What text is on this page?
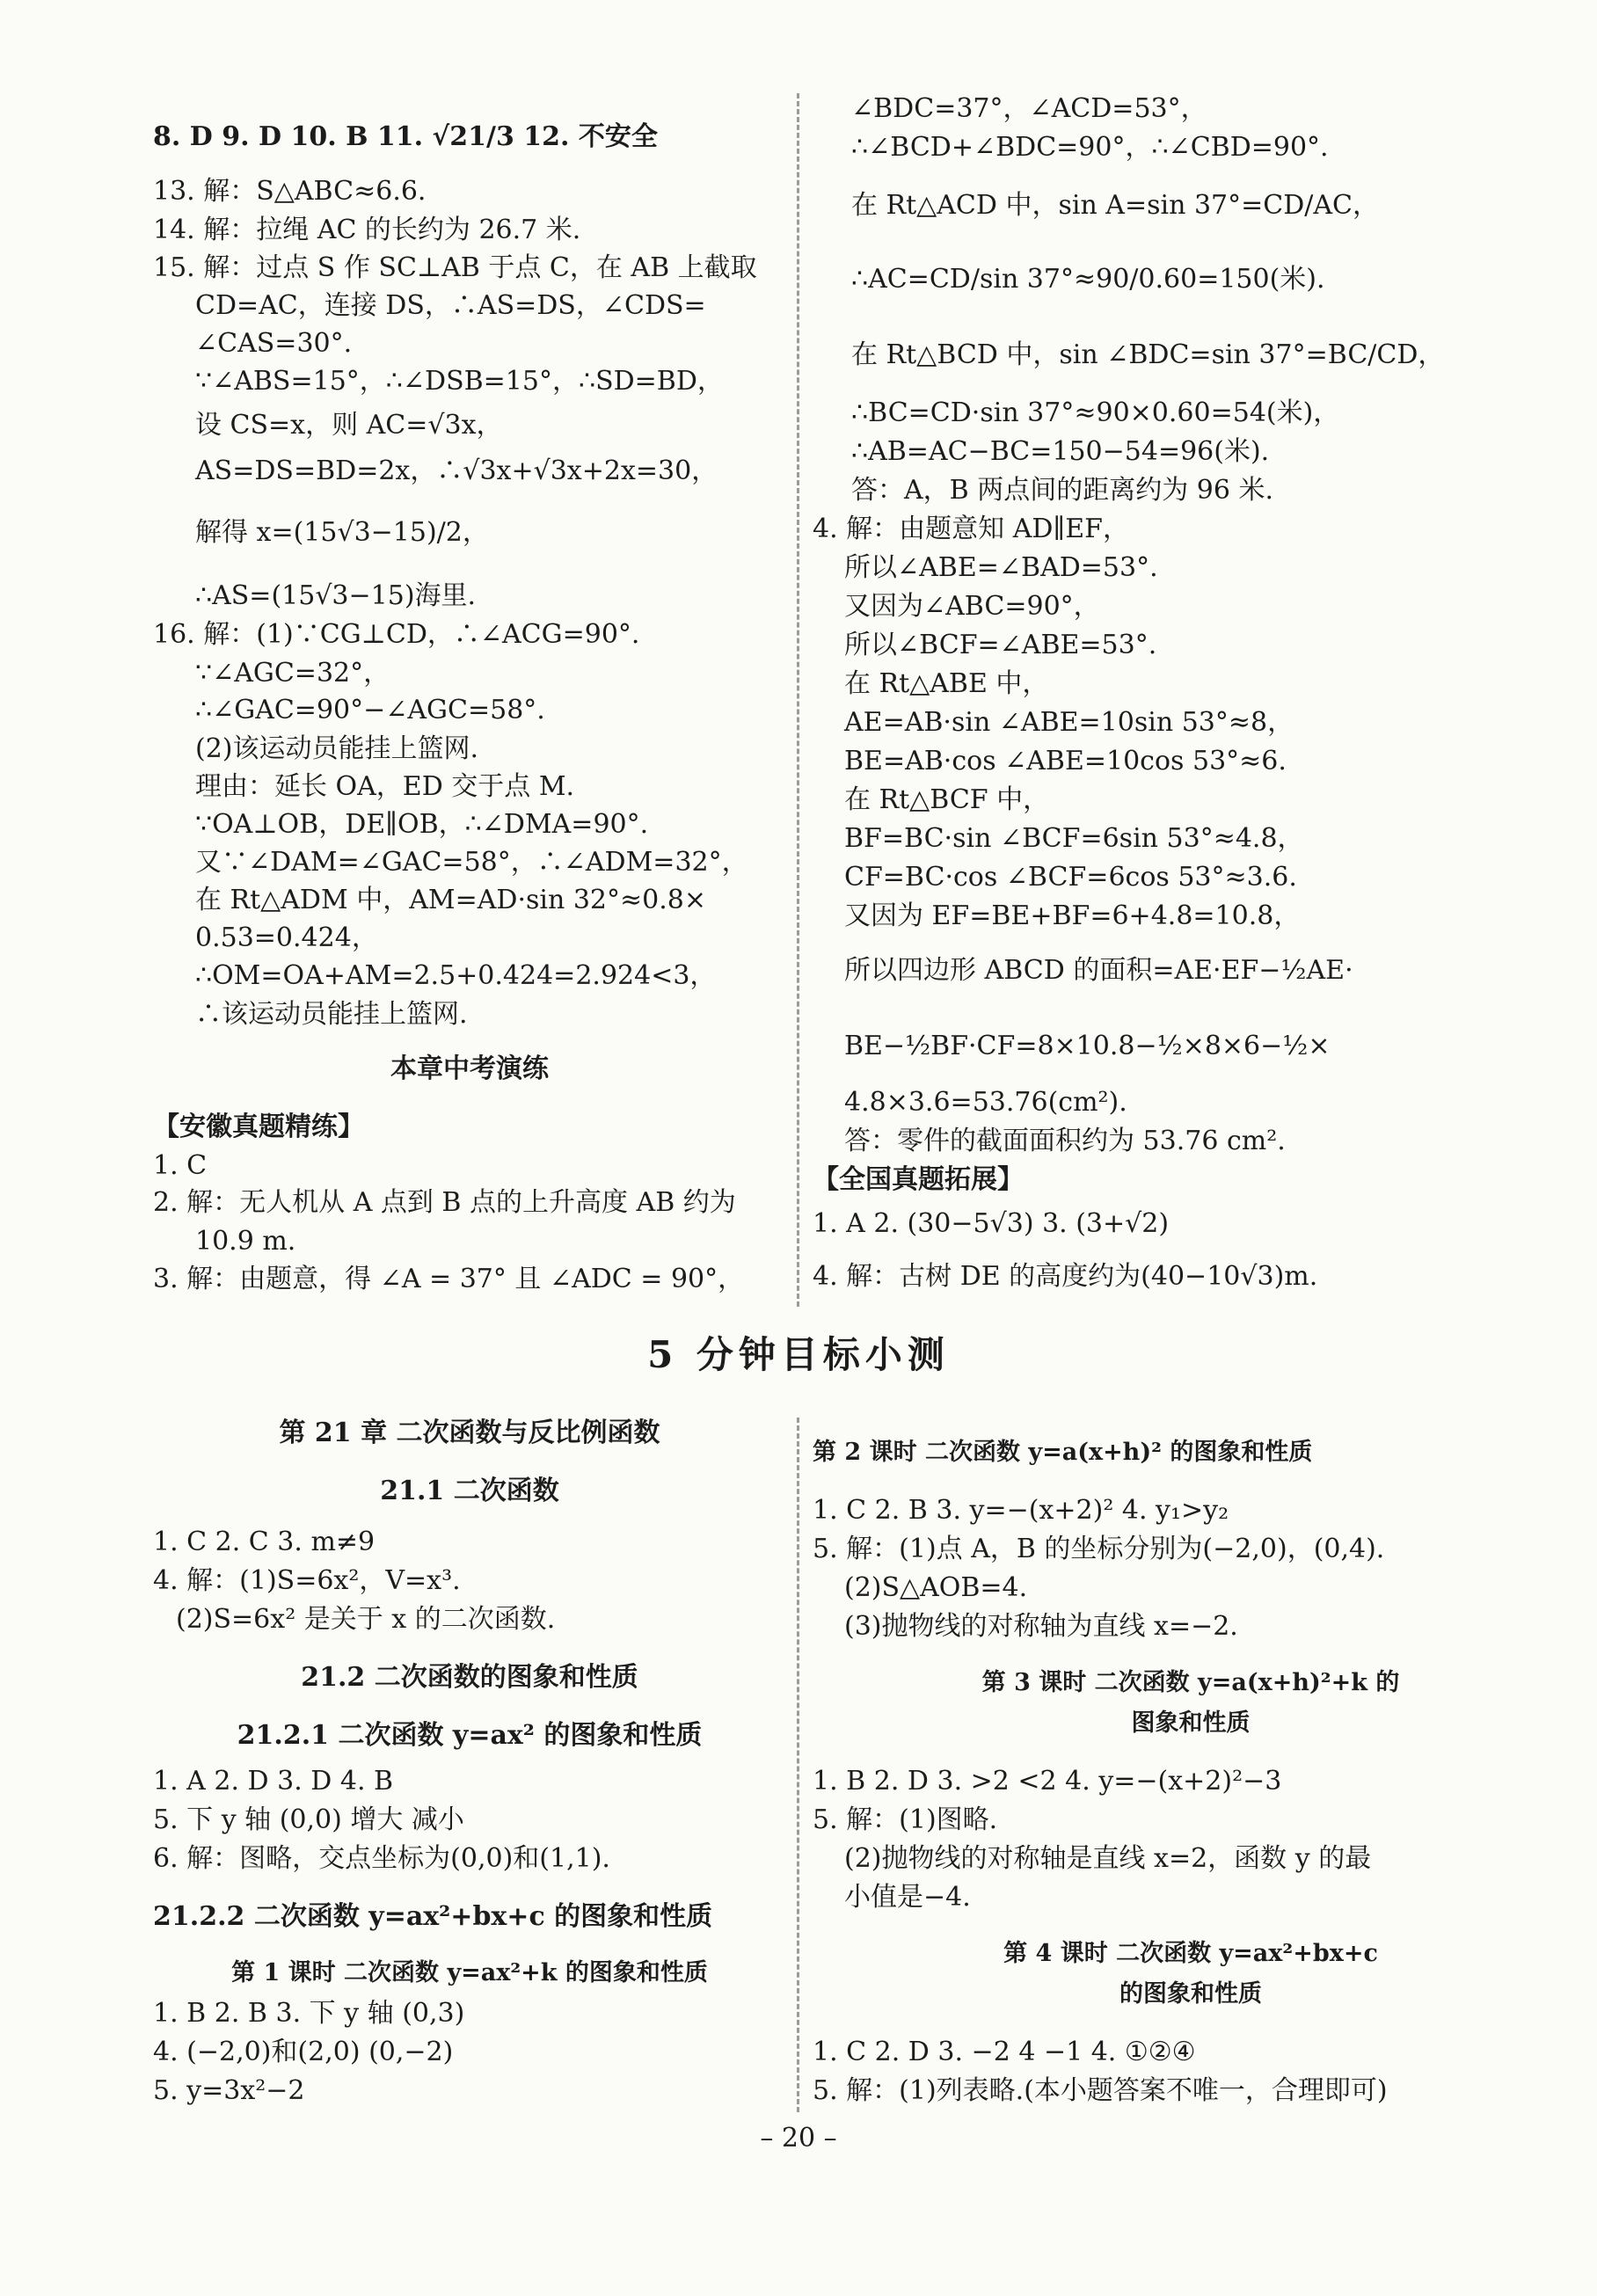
8. D 9. D 10. B 11. √21/3 12. 不安全
13. 解：S△ABC≈6.6.
14. 解：拉绳 AC 的长约为 26.7 米.
15. 解：过点 S 作 SC⊥AB 于点 C，在 AB 上截取
CD=AC，连接 DS，∴AS=DS，∠CDS=
∠CAS=30°.
∵∠ABS=15°，∴∠DSB=15°，∴SD=BD，
设 CS=x，则 AC=√3x，
AS=DS=BD=2x，∴√3x+√3x+2x=30，
解得 x=(15√3−15)/2，
∴AS=(15√3−15)海里.
16. 解：(1)∵CG⊥CD，∴∠ACG=90°.
∵∠AGC=32°，
∴∠GAC=90°−∠AGC=58°.
(2)该运动员能挂上篮网.
理由：延长 OA，ED 交于点 M.
∵OA⊥OB，DE∥OB，∴∠DMA=90°.
又∵∠DAM=∠GAC=58°，∴∠ADM=32°，
在 Rt△ADM 中，AM=AD·sin 32°≈0.8×
0.53=0.424，
∴OM=OA+AM=2.5+0.424=2.924<3，
∴该运动员能挂上篮网.
本章中考演练
【安徽真题精练】
1. C
2. 解：无人机从 A 点到 B 点的上升高度 AB 约为
10.9 m.
3. 解：由题意，得 ∠A = 37° 且 ∠ADC = 90°，
∠BDC=37°，∠ACD=53°，
∴∠BCD+∠BDC=90°，∴∠CBD=90°.
在 Rt△ACD 中，sin A=sin 37°=CD/AC，
∴AC=CD/sin 37°≈90/0.60=150(米).
在 Rt△BCD 中，sin ∠BDC=sin 37°=BC/CD，
∴BC=CD·sin 37°≈90×0.60=54(米)，
∴AB=AC−BC=150−54=96(米).
答：A，B 两点间的距离约为 96 米.
4. 解：由题意知 AD∥EF，
所以∠ABE=∠BAD=53°.
又因为∠ABC=90°，
所以∠BCF=∠ABE=53°.
在 Rt△ABE 中，
AE=AB·sin ∠ABE=10sin 53°≈8，
BE=AB·cos ∠ABE=10cos 53°≈6.
在 Rt△BCF 中，
BF=BC·sin ∠BCF=6sin 53°≈4.8，
CF=BC·cos ∠BCF=6cos 53°≈3.6.
又因为 EF=BE+BF=6+4.8=10.8，
所以四边形 ABCD 的面积=AE·EF−½AE·
BE−½BF·CF=8×10.8−½×8×6−½×
4.8×3.6=53.76(cm²).
答：零件的截面面积约为 53.76 cm².
【全国真题拓展】
1. A 2. (30−5√3) 3. (3+√2)
4. 解：古树 DE 的高度约为(40−10√3)m.
5 分钟目标小测
第 21 章 二次函数与反比例函数
21.1 二次函数
1. C 2. C 3. m≠9
4. 解：(1)S=6x²，V=x³.
(2)S=6x² 是关于 x 的二次函数.
21.2 二次函数的图象和性质
21.2.1 二次函数 y=ax² 的图象和性质
1. A 2. D 3. D 4. B
5. 下 y 轴 (0,0) 增大 减小
6. 解：图略，交点坐标为(0,0)和(1,1).
21.2.2 二次函数 y=ax²+bx+c 的图象和性质
第 1 课时 二次函数 y=ax²+k 的图象和性质
1. B 2. B 3. 下 y 轴 (0,3)
4. (−2,0)和(2,0) (0,−2)
5. y=3x²−2
第 2 课时 二次函数 y=a(x+h)² 的图象和性质
1. C 2. B 3. y=−(x+2)² 4. y₁>y₂
5. 解：(1)点 A，B 的坐标分别为(−2,0)，(0,4).
(2)S△AOB=4.
(3)抛物线的对称轴为直线 x=−2.
第 3 课时 二次函数 y=a(x+h)²+k 的
图象和性质
1. B 2. D 3. >2 <2 4. y=−(x+2)²−3
5. 解：(1)图略.
(2)抛物线的对称轴是直线 x=2，函数 y 的最
小值是−4.
第 4 课时 二次函数 y=ax²+bx+c
的图象和性质
1. C 2. D 3. −2 4 −1 4. ①②④
5. 解：(1)列表略.(本小题答案不唯一，合理即可)
– 20 –
